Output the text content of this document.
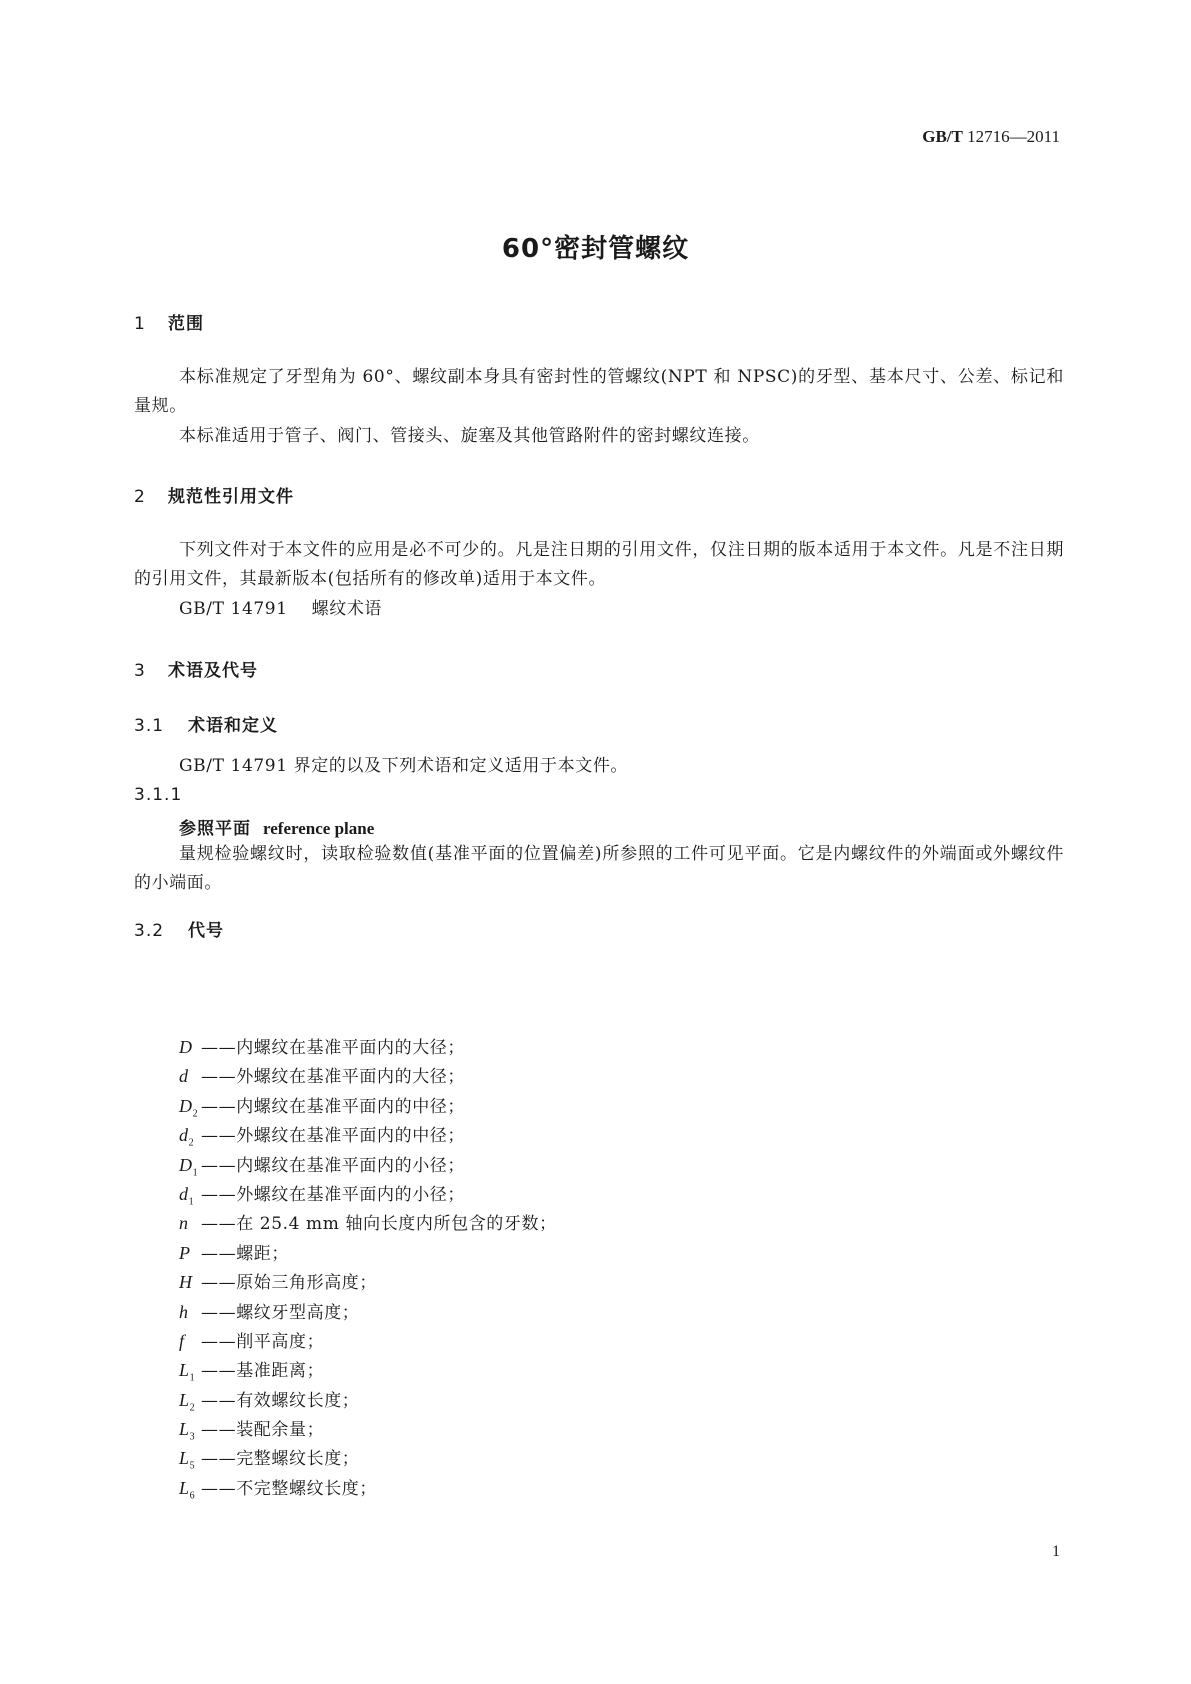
GB/T 12716—2011
60°密封管螺纹
1 范围
本标准规定了牙型角为 60°、螺纹副本身具有密封性的管螺纹(NPT 和 NPSC)的牙型、基本尺寸、公差、标记和量规。
本标准适用于管子、阀门、管接头、旋塞及其他管路附件的密封螺纹连接。
2 规范性引用文件
下列文件对于本文件的应用是必不可少的。凡是注日期的引用文件，仅注日期的版本适用于本文件。凡是不注日期的引用文件，其最新版本(包括所有的修改单)适用于本文件。
GB/T 14791 螺纹术语
3 术语及代号
3.1 术语和定义
GB/T 14791 界定的以及下列术语和定义适用于本文件。
3.1.1
参照平面 reference plane
量规检验螺纹时，读取检验数值(基准平面的位置偏差)所参照的工件可见平面。它是内螺纹件的外端面或外螺纹件的小端面。
3.2 代号
D ——内螺纹在基准平面内的大径；
d ——外螺纹在基准平面内的大径；
$D_2$ ——内螺纹在基准平面内的中径；
$d_2$ ——外螺纹在基准平面内的中径；
$D_1$ ——内螺纹在基准平面内的小径；
$d_1$ ——外螺纹在基准平面内的小径；
n ——在 25.4 mm 轴向长度内所包含的牙数；
P ——螺距；
H ——原始三角形高度；
h ——螺纹牙型高度；
f ——削平高度；
$L_1$ ——基准距离；
$L_2$ ——有效螺纹长度；
$L_3$ ——装配余量；
$L_5$ ——完整螺纹长度；
$L_6$ ——不完整螺纹长度；
1
